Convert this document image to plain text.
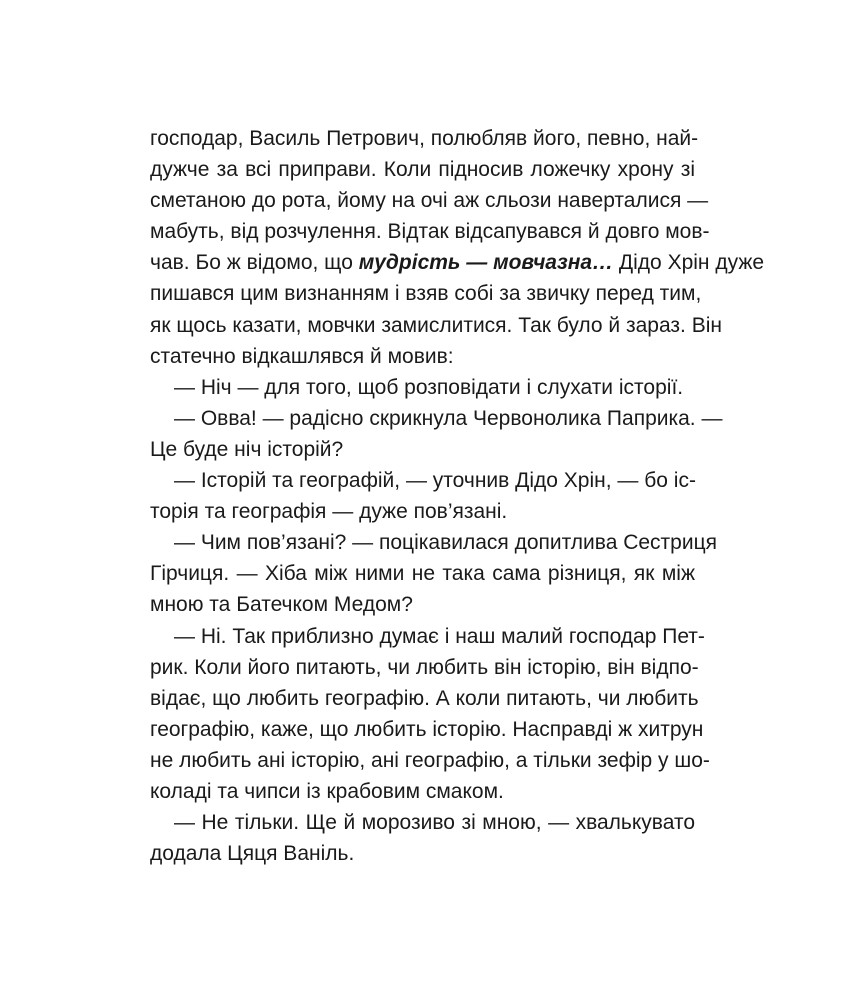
господар, Василь Петрович, полюбляв його, певно, най-
дужче за всі приправи. Коли підносив ложечку хрону зі
сметаною до рота, йому на очі аж сльози наверталися —
мабуть, від розчулення. Відтак відсапувався й довго мов-
чав. Бо ж відомо, що мудрість — мовчазна… Дідо Хрін дуже
пишався цим визнанням і взяв собі за звичку перед тим,
як щось казати, мовчки замислитися. Так було й зараз. Він
статечно відкашлявся й мовив:
— Ніч — для того, щоб розповідати і слухати історії.
— Овва! — радісно скрикнула Червонолика Паприка. —
Це буде ніч історій?
— Історій та географій, — уточнив Дідо Хрін, — бо іс-
торія та географія — дуже пов’язані.
— Чим пов’язані? — поцікавилася допитлива Сестриця
Гірчиця. — Хіба між ними не така сама різниця, як між
мною та Батечком Медом?
— Ні. Так приблизно думає і наш малий господар Пет-
рик. Коли його питають, чи любить він історію, він відпо-
відає, що любить географію. А коли питають, чи любить
географію, каже, що любить історію. Насправді ж хитрун
не любить ані історію, ані географію, а тільки зефір у шо-
коладі та чипси із крабовим смаком.
— Не тільки. Ще й морозиво зі мною, — хвалькувато
додала Цяця Ваніль.
